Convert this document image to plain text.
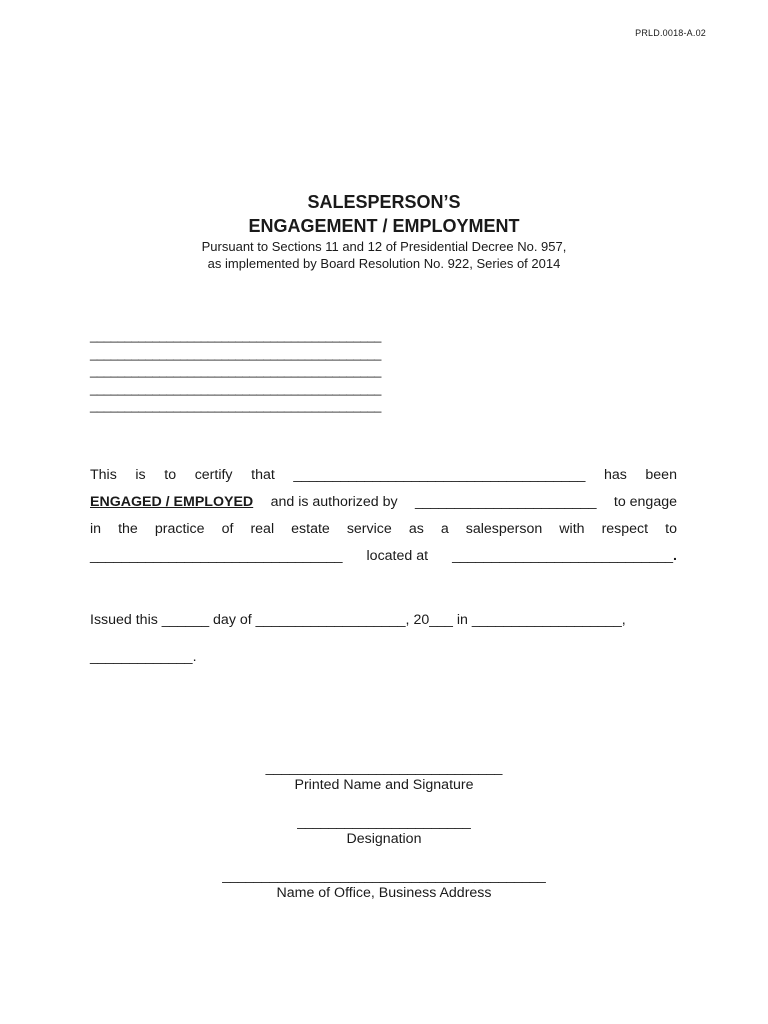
PRLD.0018-A.02
SALESPERSON’S
ENGAGEMENT / EMPLOYMENT
Pursuant to Sections 11 and 12 of Presidential Decree No. 957,
as implemented by Board Resolution No. 922, Series of 2014
__________________________________________
__________________________________________
__________________________________________
__________________________________________
__________________________________________
This is to certify that _____________________________________ has been
ENGAGED / EMPLOYED and is authorized by _______________________ to engage
in the practice of real estate service as a salesperson with respect to
________________________________ located at ____________________________.
Issued this ______ day of ___________________, 20___ in ___________________,
_____________.
______________________________
Printed Name and Signature
______________________
Designation
_________________________________________
Name of Office, Business Address
